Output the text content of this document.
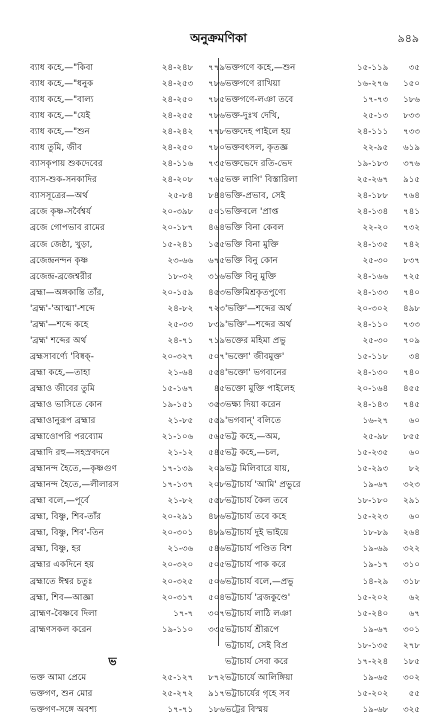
অনুক্রমণিকা	৯৪৯
ব্যাধ কহে,—"কিবা	২৪-২৪৮	৭৭৯
ব্যাধ কহে,—"ধনুক	২৪-২৫৩	৭৮৬
ব্যাধ কহে,—"বাল্য	২৪-২৫০	৭৮৫
ব্যাধ কহে,—"যেই	২৪-২৫৫	৭৮৬
ব্যাধ কহে,—"শুন	২৪-২৪২	৭৭৮
ব্যাধ তুমি, জীব	২৪-২৫০	৭৮০
ব্যাসকৃপায় শুকদেবের	২৪-১১৬	৭৩৫
ব্যাস-শুক-সনকাদির	২৪-২০৮	৭৬৫
ব্যাসসূত্রের—অর্থ	২৫-৮৪	৮৪৪
ব্রজে কৃষ্ণ-সর্বৈশ্বর্য	২০-৩৯৮	৫০১
ব্রজে গোপভাব রামের	২০-১৮৭	৪৬৪
ব্রজে জেষ্ঠা, খুড়া,	১৫-২৪১	১৫৫
ব্রজেন্দ্রনন্দন কৃষ্ণ	২৩-৬৬	৬৭৫
ব্রজেন্দ্র-ব্রজেশ্বরীর	১৮-৩২	৩১৬
ব্রহ্মা—অঙ্গকান্তি তাঁর,	২০-১৫৯	৪৫৩
'ব্রহ্ম'-'আত্মা'-শব্দে	২৪-৮২	৭২৩
'ব্রহ্ম'—শব্দে কহে	২৫-৩৩	৮৩৯
'ব্রহ্ম' শব্দের অর্থ	২৪-৭১	৭১৯
ব্রহ্মসাবর্ণ্যে 'বিষ্বক্‌-	২০-৩২৭	৫০৭
ব্রহ্মা কহে,—তাহা	২১-৬৪	৫৫৪
ব্রহ্মাও জীবের তুমি	১৫-১৬৭	৪৫
ব্রহ্মাও ভাসিতে কোন	১৯-১৫১	৩৫৩
ব্রহ্মাওানুরূপ ব্রহ্মার	২১-৮৫	৫৫৯
ব্রহ্মাওোপরি পরব্যোম	২১-১০৬	৫৬৫
ব্রহ্মাদি রহু—সহস্রবদনে	২১-১২	৫৪৫
ব্রহ্মানন্দ হৈতে,—কৃষ্ণগুণ	১৭-১৩৯	২০৯
ব্রহ্মানন্দ হৈতে,—লীলারস	১৭-১৩৭	২০৮
ব্রহ্মা বলে,—পূর্বে	২১-৮২	৫৫৮
ব্রহ্মা, বিষ্ণু, শিব-তাঁর	২০-২৯১	৪৮৬
ব্রহ্মা, বিষ্ণু, শিব'-তিন	২০-৩০১	৪৮৯
ব্রহ্মা, বিষ্ণু, হর	২১-৩৬	৫৪৬
ব্রহ্মার একদিনে হয়	২০-৩২০	৫০৫
ব্রহ্মাতে ঈশ্বর চতুঃ	২০-৩২৫	৫০৬
ব্রহ্মা, শিব—আজ্ঞা	২০-৩১৭	৫০৪
ব্রাহ্মণ-বৈষ্ণবে দিলা	১৭-৭	৩০৭
ব্রাহ্মণসকল করেন	১৯-১১০	৩৩৫
ভ
ভক্ত আমা প্রেমে	২৫-১২৭	৮৭২
ভক্তগণ, শুন মোর	২৫-২৭২	৯১৭
ভক্তগণ-সঙ্গে অবশ্য	১৭-৭১	১৮৬
ভক্তগণে কহে,—শুন	১৫-১১৯	৩৫
ভক্তগণে রাখিয়া	১৬-২৭৬	১৫০
ভক্তগণে-লঞা তবে	১৭-৭৩	১৮৬
ভক্ত-দুঃখ দেখি,	২৫-১৩	৮৩৩
ভক্তদেহ পাইলে হয়	২৪-১১১	৭৩৩
ভক্তবৎসল, কৃতজ্ঞ	২২-৯৫	৬১৯
ভক্তভেদে রতি-ভেদ	১৯-১৮৩	৩৭৬
ভক্ত লাগি' বিস্তারিলা	২৫-২৬৭	৯১৫
ভক্তি-প্রভাব, সেই	২৪-১৮৮	৭৬৪
ভক্তিবলে 'প্রাপ্ত	২৪-১৩৪	৭৪১
ভক্তি বিনা কেবল	২২-২০	৭৩২
ভক্তি বিনা মুক্তি	২৪-১৩৫	৭৪২
ভক্তি বিনু কোন	২৫-৩০	৮৩৭
ভক্তি বিনু মুক্তি	২৪-১৬৬	৭২৫
ভক্তিমিশ্রকৃতপুণ্যে	২৪-১৩৩	৭৪০
'ভক্তি'—শব্দের অর্থ	২০-৩০২	৪৯৮
'ভক্তি'—শব্দের অর্থ	২৪-১১০	৭৩৩
ভক্তের মহিমা প্রভু	২৫-৩০	৭০৯
'ভক্তো' জীবমুক্ত'	১৫-১১৮	৩৪
'ভক্তো' ভগবানের	২৪-১৩০	৭৪০
ভক্তো মুক্তি পাইলেহ	২০-১৬৪	৪৫৫
ভক্ষ্য দিয়া করেন	২৪-১৪৩	৭৪৫
'ভগবান্‌' বলিতে	১৬-২৭	৬০
ভট্ট কহে,—অম,	২৫-৯৮	৮৫৫
ভট্ট কহে,—চল,	১৫-২৩৫	৬০
ভট্ট মিলিবারে যায়,	১৫-২৯৩	৮২
ভট্টাচার্য 'আমি' প্রভুরে	১৯-৬৭	৩২৩
ভট্টাচার্য কৈল তবে	১৮-১৮০	২৯১
ভট্টাচার্য তবে কহে	১৫-২২৩	৬০
ভট্টাচার্য দুই ভাইয়ে	১৮-৮৯	২৬৪
ভট্টাচার্য পণ্ডিত বিশ	১৯-৬৯	৩২২
ভট্টাচার্য পাক করে	১৯-১৭	৩১০
ভট্টাচার্য বলে,—প্রভু	১৪-২৯	৩১৮
ভট্টাচার্য 'ব্রজকুণ্ডে'	১৫-২০২	৬২
ভট্টাচার্য লাঠি লঞা	১৫-২৪০	৬৭
ভট্টাচার্য শ্রীরূপে	১৯-৬৭	৩০১
ভট্টাচার্য, সেই বিপ্র	১৮-১৩৫	২৭৮
ভট্টাচার্য সেবা করে	১৭-২২৪	১৮৫
ভট্টাচার্যে আলিঙ্গিয়া	১৯-৬৫	৩০২
ভট্টাচার্যের গৃহে সব	১৫-২০২	৫৫
ভট্টের বিস্ময়	১৯-৬৮	৩২৫
